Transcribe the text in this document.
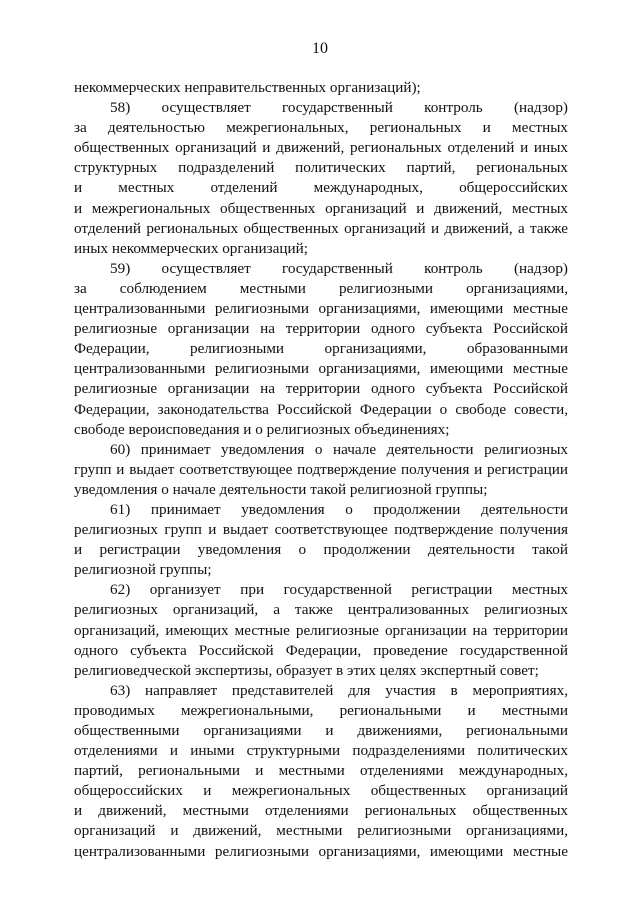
10
некоммерческих неправительственных организаций);
58) осуществляет государственный контроль (надзор)
за деятельностью межрегиональных, региональных и местных
общественных организаций и движений, региональных отделений и иных
структурных подразделений политических партий, региональных
и местных отделений международных, общероссийских
и межрегиональных общественных организаций и движений, местных
отделений региональных общественных организаций и движений, а также
иных некоммерческих организаций;
59) осуществляет государственный контроль (надзор)
за соблюдением местными религиозными организациями,
централизованными религиозными организациями, имеющими местные
религиозные организации на территории одного субъекта Российской
Федерации, религиозными организациями, образованными
централизованными религиозными организациями, имеющими местные
религиозные организации на территории одного субъекта Российской
Федерации, законодательства Российской Федерации о свободе совести,
свободе вероисповедания и о религиозных объединениях;
60) принимает уведомления о начале деятельности религиозных
групп и выдает соответствующее подтверждение получения и регистрации
уведомления о начале деятельности такой религиозной группы;
61) принимает уведомления о продолжении деятельности
религиозных групп и выдает соответствующее подтверждение получения
и регистрации уведомления о продолжении деятельности такой
религиозной группы;
62) организует при государственной регистрации местных
религиозных организаций, а также централизованных религиозных
организаций, имеющих местные религиозные организации на территории
одного субъекта Российской Федерации, проведение государственной
религиоведческой экспертизы, образует в этих целях экспертный совет;
63) направляет представителей для участия в мероприятиях,
проводимых межрегиональными, региональными и местными
общественными организациями и движениями, региональными
отделениями и иными структурными подразделениями политических
партий, региональными и местными отделениями международных,
общероссийских и межрегиональных общественных организаций
и движений, местными отделениями региональных общественных
организаций и движений, местными религиозными организациями,
централизованными религиозными организациями, имеющими местные
